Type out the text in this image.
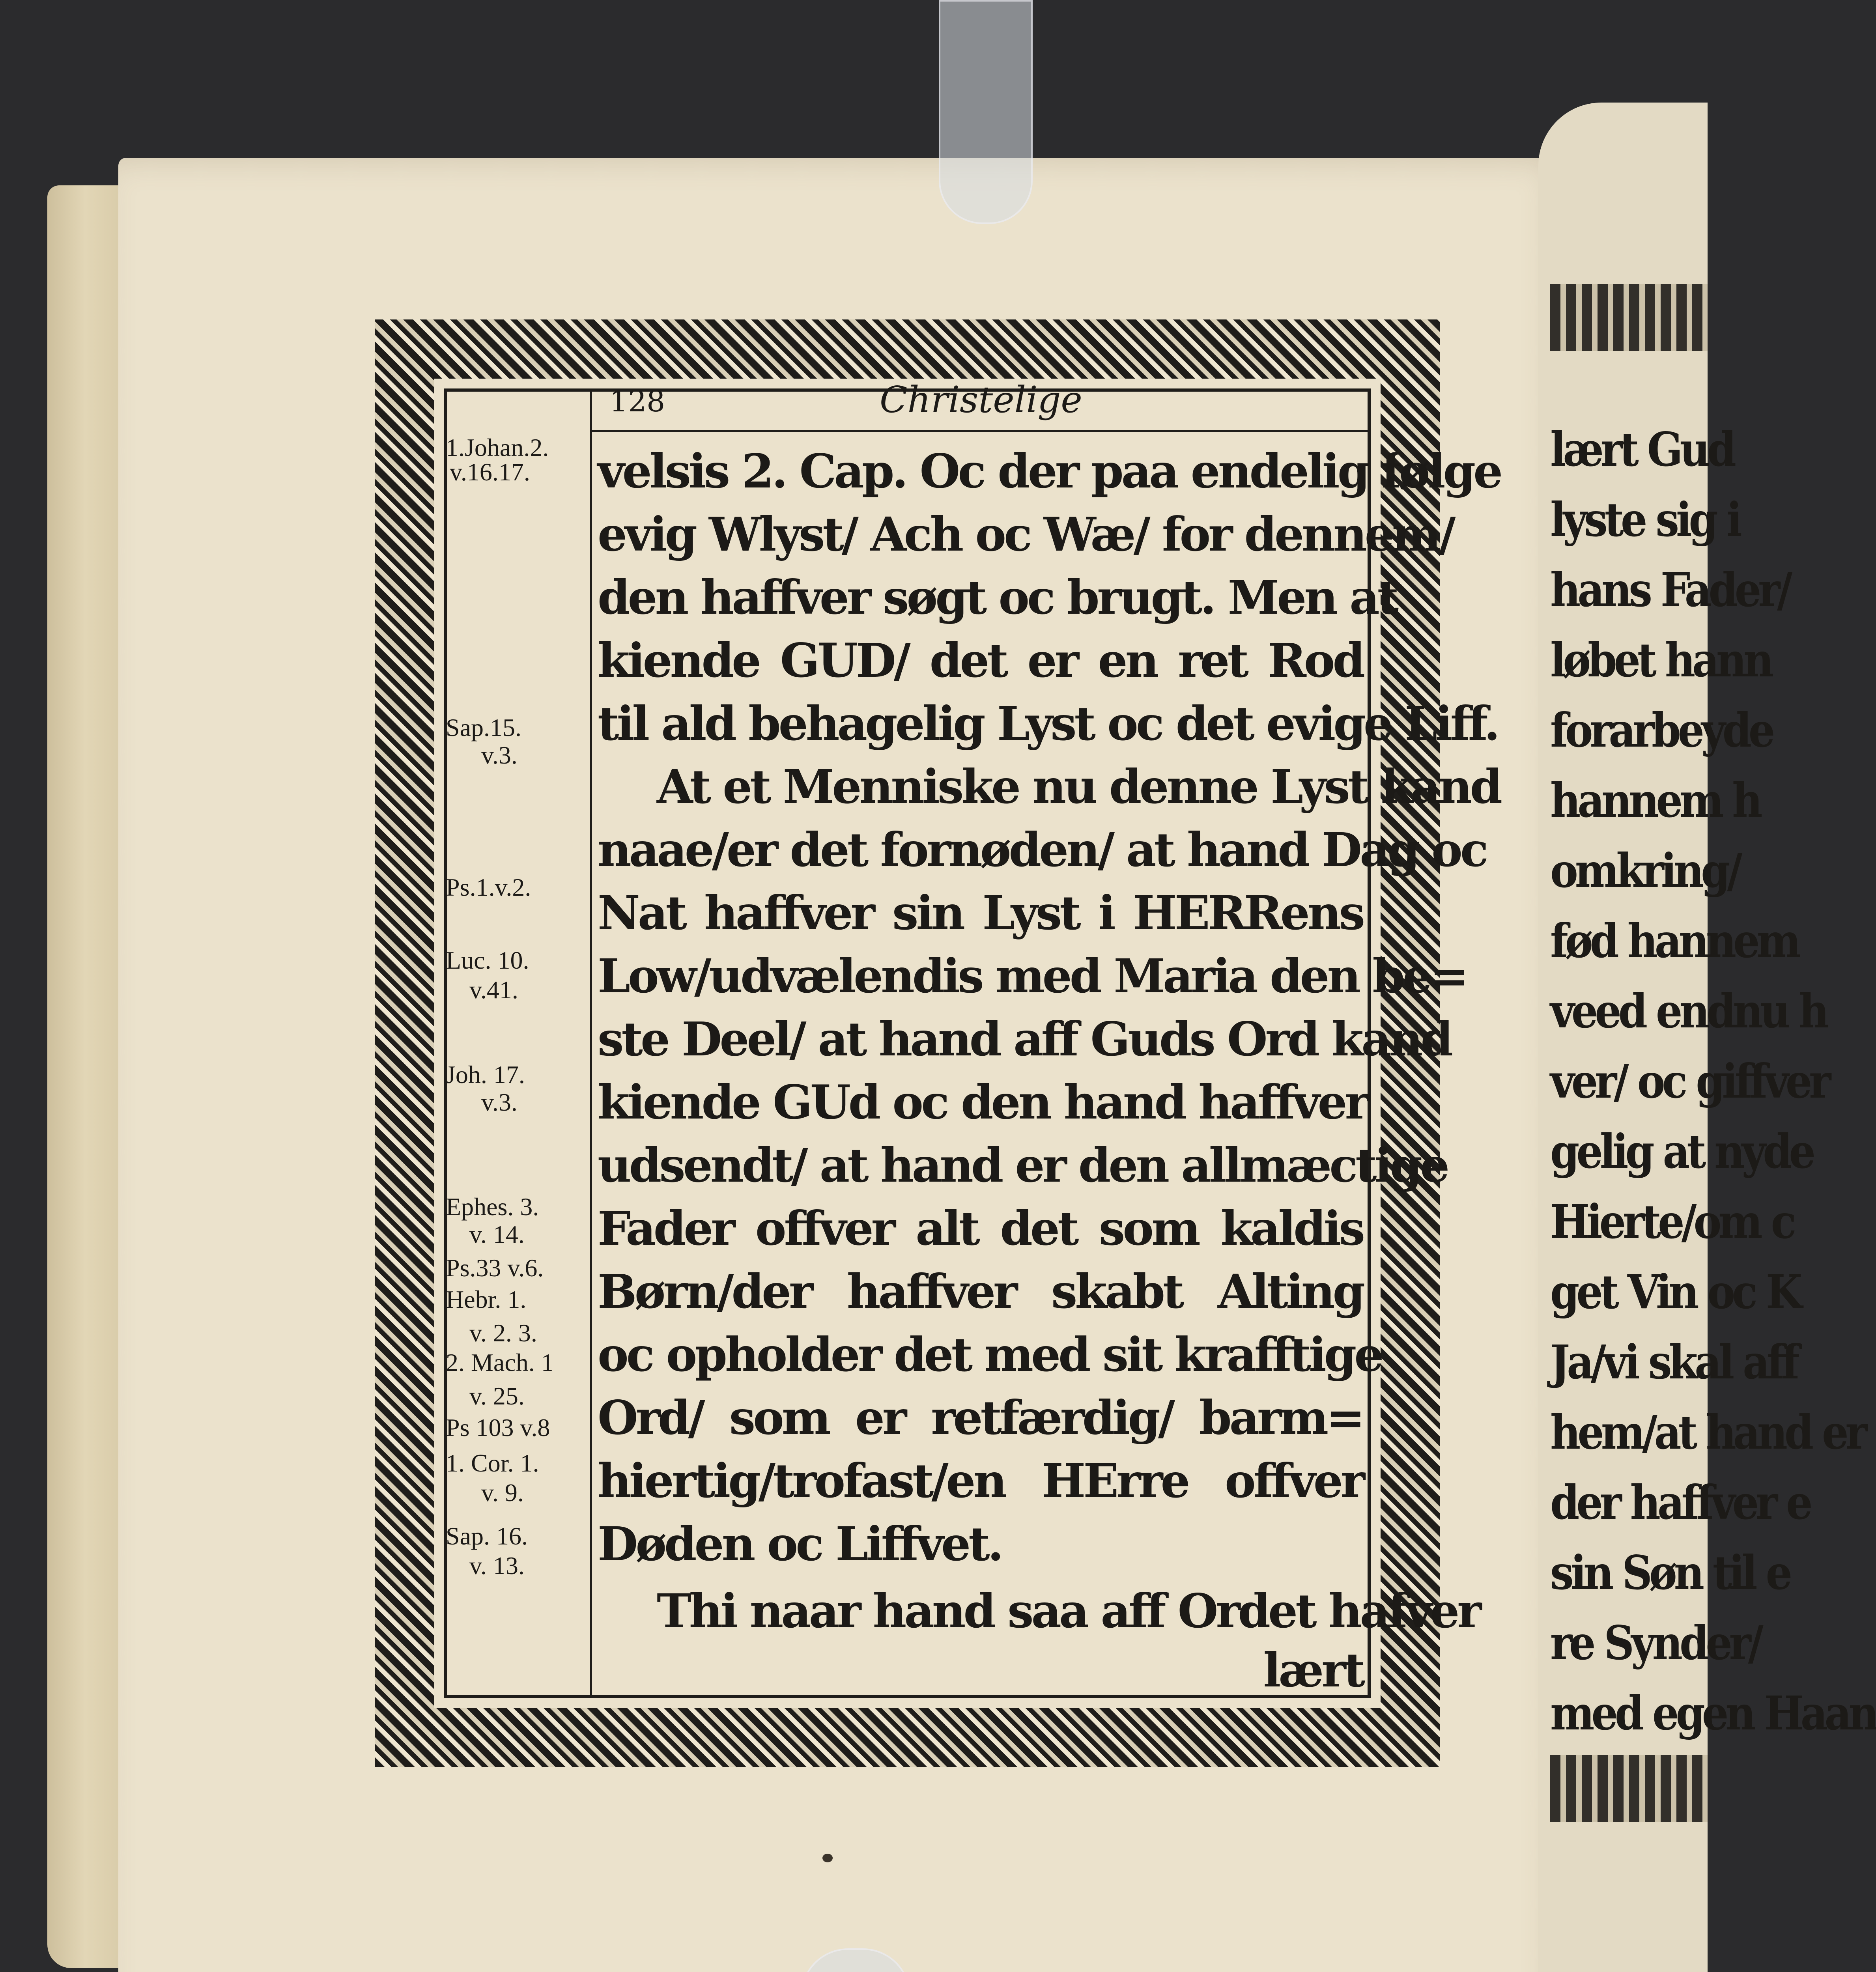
lært Gud
lyste sig i
hans Fader/
løbet hann
forarbeyde
hannem h
omkring/
fød hannem
veed endnu h
ver/ oc giffver
gelig at nyde
Hierte/om c
get Vin oc K
Ja/vi skal aff
hem/at hand er
der haffver e
sin Søn til e
re Synder/
med egen Haan
128	Christelige
1.Johan.2.
v.16.17.
Sap.15.
v.3.
Ps.1.v.2.
Luc. 10.
v.41.
Joh. 17.
v.3.
Ephes. 3.
v. 14.
Ps.33 v.6.
Hebr. 1.
v. 2. 3.
2. Mach. 1
v. 25.
Ps 103 v.8
1. Cor. 1.
v. 9.
Sap. 16.
v. 13.
velsis 2. Cap. Oc der paa endelig følge
evig Wlyst/ Ach oc Wæ/ for dennem/
den haffver søgt oc brugt. Men at
kiende GUD/ det er en ret Rod
til ald behagelig Lyst oc det evige Liff.
At et Menniske nu denne Lyst kand
naae/er det fornøden/ at hand Dag oc
Nat haffver sin Lyst i HERRens
Low/udvælendis med Maria den be=
ste Deel/ at hand aff Guds Ord kand
kiende GUd oc den hand haffver
udsendt/ at hand er den allmæctige
Fader offver alt det som kaldis
Børn/der haffver skabt Alting
oc opholder det med sit krafftige
Ord/ som er retfærdig/ barm=
hiertig/trofast/en HErre offver
Døden oc Liffvet.
Thi naar hand saa aff Ordet hafver
lært
